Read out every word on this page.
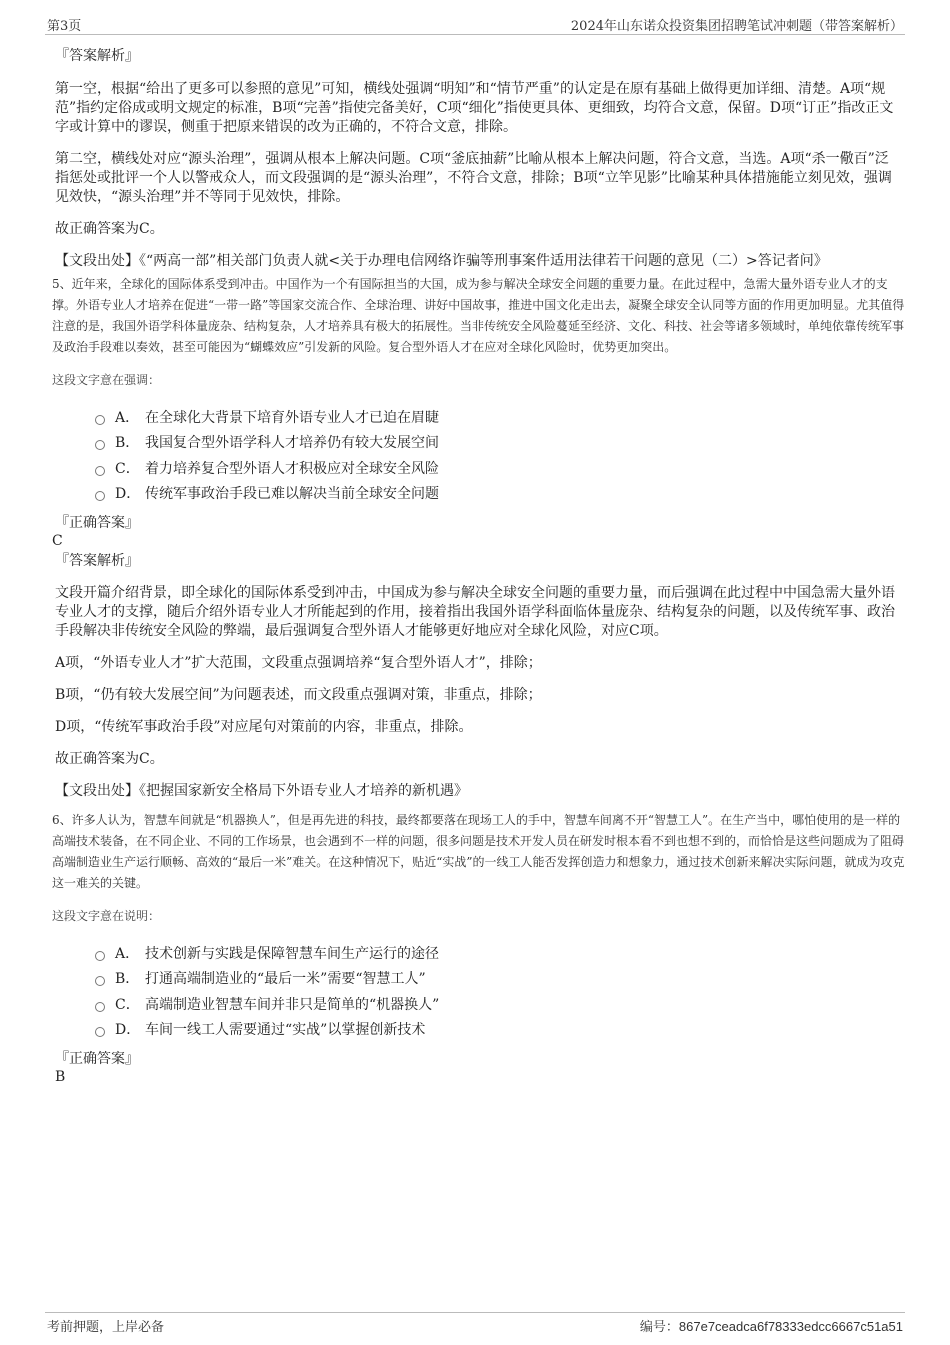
第3页	2024年山东诺众投资集团招聘笔试冲刺题（带答案解析）
『答案解析』

第一空，根据“给出了更多可以参照的意见”可知，横线处强调“明知”和“情节严重”的认定是在原有基础上做得更加详细、清楚。A项“规范”指约定俗成或明文规定的标准，B项“完善”指使完备美好，C项“细化”指使更具体、更细致，均符合文意，保留。D项“订正”指改正文字或计算中的谬误，侧重于把原来错误的改为正确的，不符合文意，排除。

第二空，横线处对应“源头治理”，强调从根本上解决问题。C项“釜底抽薪”比喻从根本上解决问题，符合文意，当选。A项“杀一儆百”泛指惩处或批评一个人以警戒众人，而文段强调的是“源头治理”，不符合文意，排除；B项“立竿见影”比喻某种具体措施能立刻见效，强调见效快，“源头治理”并不等同于见效快，排除。

故正确答案为C。

【文段出处】《“两高一部”相关部门负责人就<关于办理电信网络诈骗等刑事案件适用法律若干问题的意见（二）>答记者问》

5、近年来，全球化的国际体系受到冲击。中国作为一个有国际担当的大国，成为参与解决全球安全问题的重要力量。在此过程中，急需大量外语专业人才的支撑。外语专业人才培养在促进“一带一路”等国家交流合作、全球治理、讲好中国故事，推进中国文化走出去，凝聚全球安全认同等方面的作用更加明显。尤其值得注意的是，我国外语学科体量庞杂、结构复杂，人才培养具有极大的拓展性。当非传统安全风险蔓延至经济、文化、科技、社会等诸多领域时，单纯依靠传统军事及政治手段难以奏效，甚至可能因为“蝴蝶效应”引发新的风险。复合型外语人才在应对全球化风险时，优势更加突出。

这段文字意在强调：
A． 在全球化大背景下培育外语专业人才已迫在眉睫
B． 我国复合型外语学科人才培养仍有较大发展空间
C． 着力培养复合型外语人才积极应对全球安全风险
D． 传统军事政治手段已难以解决当前全球安全问题
『正确答案』
C
『答案解析』

文段开篇介绍背景，即全球化的国际体系受到冲击，中国成为参与解决全球安全问题的重要力量，而后强调在此过程中中国急需大量外语专业人才的支撑，随后介绍外语专业人才所能起到的作用，接着指出我国外语学科面临体量庞杂、结构复杂的问题，以及传统军事、政治手段解决非传统安全风险的弊端，最后强调复合型外语人才能够更好地应对全球化风险，对应C项。

A项，“外语专业人才”扩大范围，文段重点强调培养“复合型外语人才”，排除；

B项，“仍有较大发展空间”为问题表述，而文段重点强调对策，非重点，排除；

D项，“传统军事政治手段”对应尾句对策前的内容，非重点，排除。

故正确答案为C。

【文段出处】《把握国家新安全格局下外语专业人才培养的新机遇》

6、许多人认为，智慧车间就是“机器换人”，但是再先进的科技，最终都要落在现场工人的手中，智慧车间离不开“智慧工人”。在生产当中，哪怕使用的是一样的高端技术装备，在不同企业、不同的工作场景，也会遇到不一样的问题，很多问题是技术开发人员在研发时根本看不到也想不到的，而恰恰是这些问题成为了阻碍高端制造业生产运行顺畅、高效的“最后一米”难关。在这种情况下，贴近“实战”的一线工人能否发挥创造力和想象力，通过技术创新来解决实际问题，就成为攻克这一难关的关键。

这段文字意在说明：
A． 技术创新与实践是保障智慧车间生产运行的途径
B． 打通高端制造业的“最后一米”需要“智慧工人”
C． 高端制造业智慧车间并非只是简单的“机器换人”
D． 车间一线工人需要通过“实战”以掌握创新技术
『正确答案』
B
考前押题，上岸必备	编号：867e7ceadca6f78333edcc6667c51a51
